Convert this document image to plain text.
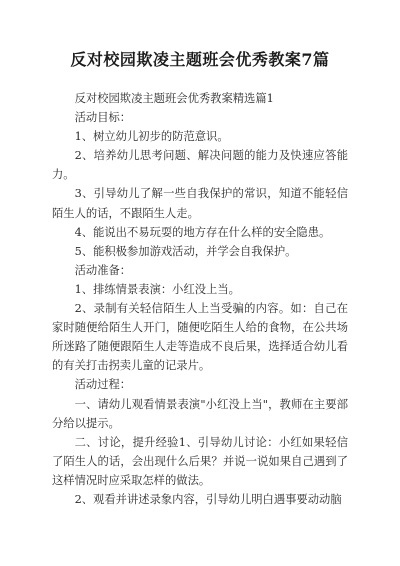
反对校园欺凌主题班会优秀教案7篇

反对校园欺凌主题班会优秀教案精选篇1

活动目标：

1、树立幼儿初步的防范意识。

2、培养幼儿思考问题、解决问题的能力及快速应答能力。

3、引导幼儿了解一些自我保护的常识，知道不能轻信陌生人的话，不跟陌生人走。

4、能说出不易玩耍的地方存在什么样的安全隐患。

5、能积极参加游戏活动，并学会自我保护。

活动准备：

1、排练情景表演：小红没上当。

2、录制有关轻信陌生人上当受骗的内容。如：自己在家时随便给陌生人开门，随便吃陌生人给的食物，在公共场所迷路了随便跟陌生人走等造成不良后果，选择适合幼儿看的有关打击拐卖儿童的记录片。

活动过程：

一、请幼儿观看情景表演"小红没上当"，教师在主要部分给以提示。

二、讨论，提升经验1、引导幼儿讨论：小红如果轻信了陌生人的话，会出现什么后果？并说一说如果自己遇到了这样情况时应采取怎样的做法。

2、观看并讲述录象内容，引导幼儿明白遇事要动动脑
